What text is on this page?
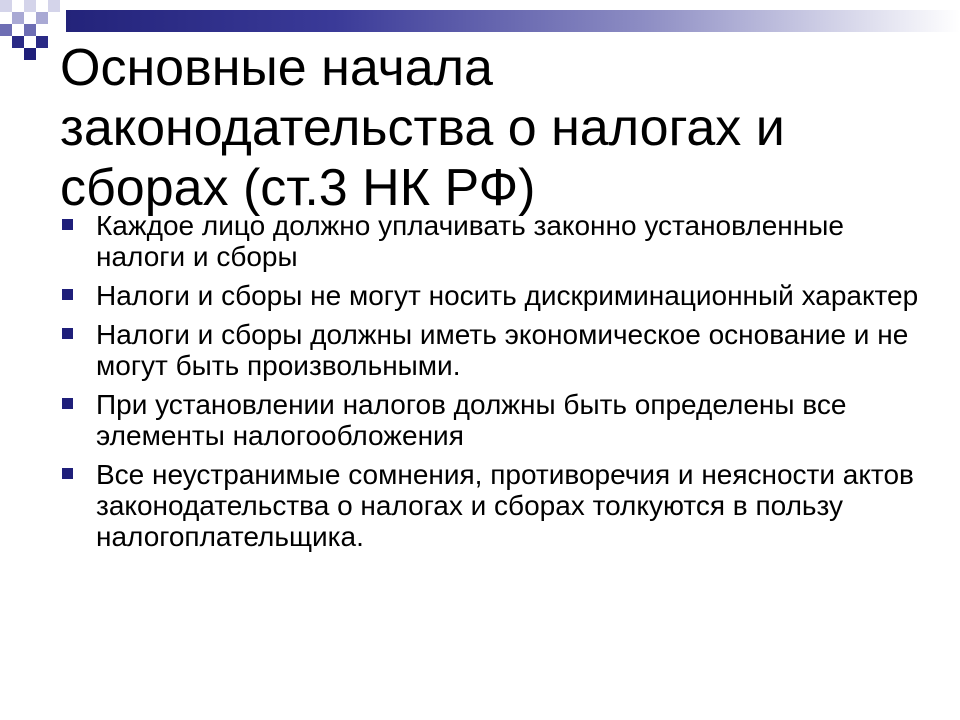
Основные начала законодательства о налогах и сборах (ст.3 НК РФ)
Каждое лицо должно уплачивать законно установленные налоги и сборы
Налоги и сборы не могут носить дискриминационный характер
Налоги и сборы должны иметь экономическое основание и не могут быть произвольными.
При установлении налогов должны быть определены все элементы налогообложения
Все неустранимые сомнения, противоречия и неясности актов законодательства о налогах и сборах толкуются в пользу налогоплательщика.
